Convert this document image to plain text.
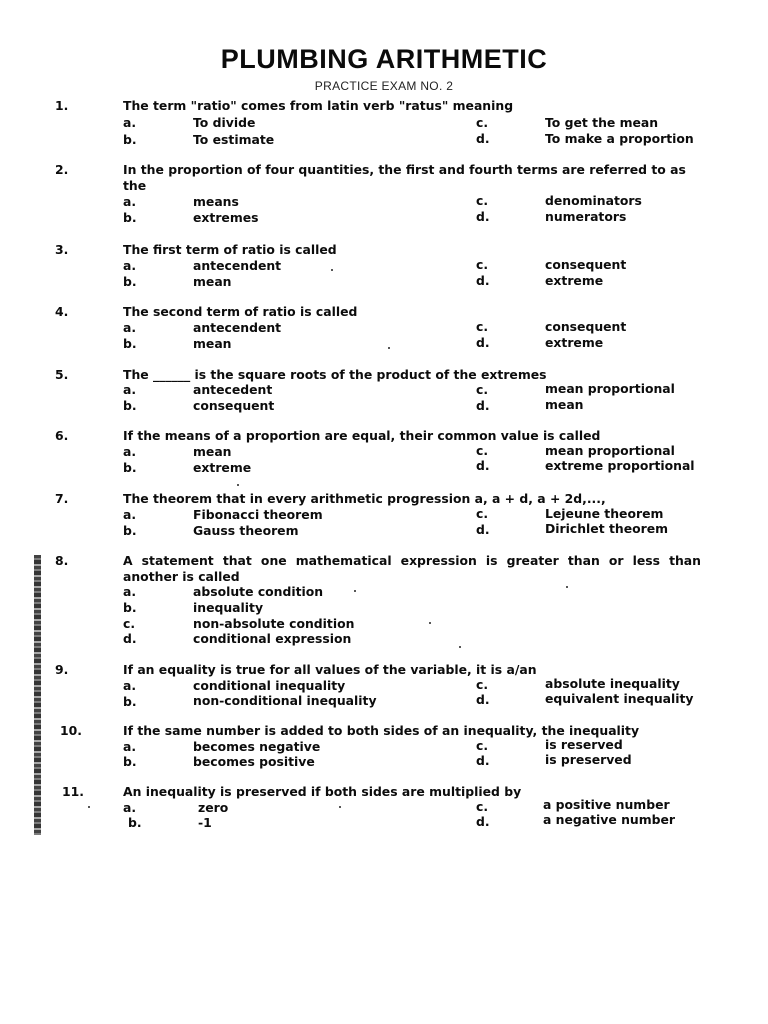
PLUMBING ARITHMETIC
PRACTICE EXAM NO. 2
1.	The term "ratio" comes from latin verb "ratus" meaning
a.	To divide	c.	To get the mean
b.	To estimate	d.	To make a proportion
2.	In the proportion of four quantities, the first and fourth terms are referred to as the
a.	means	c.	denominators
b.	extremes	d.	numerators
3.	The first term of ratio is called
a.	antecendent	c.	consequent
b.	mean	d.	extreme
4.	The second term of ratio is called
a.	antecendent	c.	consequent
b.	mean	d.	extreme
5.	The ______ is the square roots of the product of the extremes
a.	antecedent	c.	mean proportional
b.	consequent	d.	mean
6.	If the means of a proportion are equal, their common value is called
a.	mean	c.	mean proportional
b.	extreme	d.	extreme proportional
7.	The theorem that in every arithmetic progression a, a + d, a + 2d,...,
a.	Fibonacci theorem	c.	Lejeune theorem
b.	Gauss theorem	d.	Dirichlet theorem
8.	A statement that one mathematical expression is greater than or less than another is called
a.	absolute condition
b.	inequality
c.	non-absolute condition
d.	conditional expression
9.	If an equality is true for all values of the variable, it is a/an
a.	conditional inequality	c.	absolute inequality
b.	non-conditional inequality	d.	equivalent inequality
10.	If the same number is added to both sides of an inequality, the inequality
a.	becomes negative	c.	is reserved
b.	becomes positive	d.	is preserved
11.	An inequality is preserved if both sides are multiplied by
a.	zero	c.	a positive number
b.	-1	d.	a negative number
